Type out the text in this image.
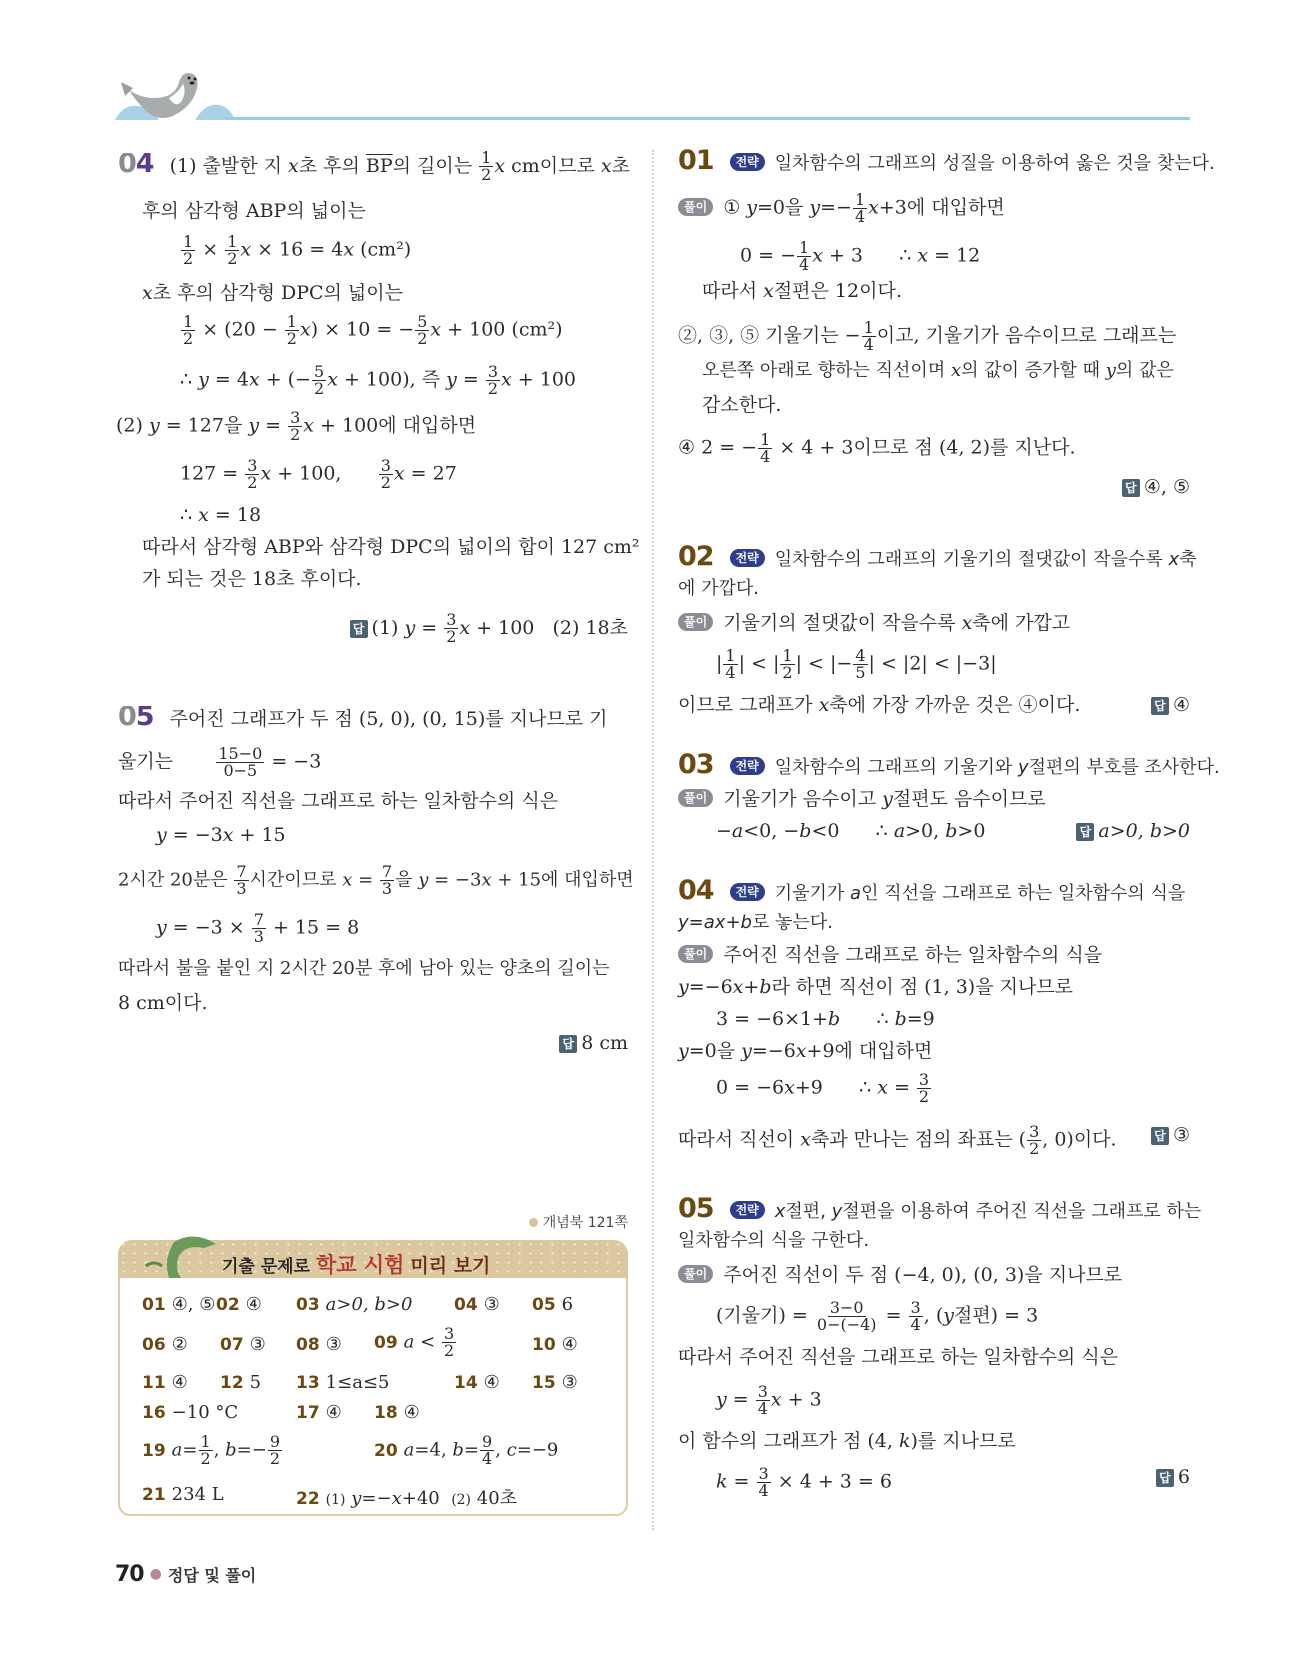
04 (1) 출발한 지 x초 후의 $\overline{BP}$의 길이는 $\frac{1}{2}$ x cm이므로 x초
후의 삼각형 ABP의 넓이는
$\frac{1}{2} \times \frac{1}{2}$ x × 16 = 4x (cm²)
x초 후의 삼각형 DPC의 넓이는
$\frac{1}{2} \times (20 - \frac{1}{2} x) \times 10$ = − $\frac{5}{2}$ x + 100 (cm²)
∴ y = 4x + (− $\frac{5}{2}$ x + 100), 즉 $y = \frac{3}{2}$ x + 100
(2) y = 127을 $y = \frac{3}{2}$ x + 100에 대입하면
$127 = \frac{3}{2}$ x + 100, $\frac{3}{2}$ x = 27
∴ x = 18
따라서 삼각형 ABP와 삼각형 DPC의 넓이의 합이 127 cm²
가 되는 것은 18초 후이다.
답 (1) $y = \frac{3}{2}$ x + 100   (2) 18초
05 주어진 그래프가 두 점 (5, 0), (0, 15)를 지나므로 기
울기는 $\frac{15-0}{0-5} = -3$
따라서 주어진 직선을 그래프로 하는 일차함수의 식은
y = −3x + 15
2시간 20분은 $\frac{7}{3}$ 시간이므로 $x = \frac{7}{3}$ 을 y = −3x + 15에 대입하면
$y = -3 \times \frac{7}{3} + 15 = 8$
따라서 불을 붙인 지 2시간 20분 후에 남아 있는 양초의 길이는
8 cm이다.
답 8 cm
개념북 121쪽
기출 문제로 학교 시험 미리 보기
01 ④, ⑤ 02 ④ 03 a>0, b>0 04 ③ 05 6
06 ② 07 ③ 08 ③ 09 $a < \frac{3}{2}$	10 ④
11 ④ 12 5 13 1≤a≤5	14 ④ 15 ③
16 −10 °C	17 ④ 18 ④
19 $a= \frac{1}{2}$ , $b=- \frac{9}{2}$	20 a=4, $b= \frac{9}{4}$ , c=−9
21 234 L	22 (1) y=−x+40  (2) 40초
01 전략 일차함수의 그래프의 성질을 이용하여 옳은 것을 찾는다.
풀이 ① y=0을 $y=- \frac{1}{4} x+3$에 대입하면
0 = − $\frac{1}{4}$ x + 3      ∴ x = 12
따라서 x절편은 12이다.
②, ③, ⑤ 기울기는 − $\frac{1}{4}$ 이고, 기울기가 음수이므로 그래프는
오른쪽 아래로 향하는 직선이며 x의 값이 증가할 때 y의 값은
감소한다.
④ 2 = − $\frac{1}{4} \times 4 + 3$이므로 점 (4, 2)를 지난다.
답 ④, ⑤
02 전략 일차함수의 그래프의 기울기의 절댓값이 작을수록 x축
에 가깝다.
풀이 기울기의 절댓값이 작을수록 x축에 가깝고
| $\frac{1}{4}$ | < | $\frac{1}{2}$ | < |− $\frac{4}{5}$ | < |2| < |−3|
이므로 그래프가 x축에 가장 가까운 것은 ④이다.	답 ④
03 전략 일차함수의 그래프의 기울기와 y절편의 부호를 조사한다.
풀이 기울기가 음수이고 y절편도 음수이므로
−a<0, −b<0      ∴ a>0, b>0	답 a>0, b>0
04 전략 기울기가 a인 직선을 그래프로 하는 일차함수의 식을
y=ax+b로 놓는다.
풀이 주어진 직선을 그래프로 하는 일차함수의 식을
y=−6x+b라 하면 직선이 점 (1, 3)을 지나므로
3 = −6×1+b      ∴ b=9
y=0을 y=−6x+9에 대입하면
0 = −6x+9      ∴ $x = \frac{3}{2}$
따라서 직선이 x축과 만나는 점의 좌표는 ( $\frac{3}{2}$ , 0)이다.	답 ③
05 전략 x절편, y절편을 이용하여 주어진 직선을 그래프로 하는
일차함수의 식을 구한다.
풀이 주어진 직선이 두 점 (−4, 0), (0, 3)을 지나므로
(기울기) = $\frac{3-0}{0-(-4)} = \frac{3}{4}$ , (y절편) = 3
따라서 주어진 직선을 그래프로 하는 일차함수의 식은
$y = \frac{3}{4}$ x + 3
이 함수의 그래프가 점 (4, k)를 지나므로
$k = \frac{3}{4} \times 4 + 3 = 6$	답 6
70 ● 정답 및 풀이
